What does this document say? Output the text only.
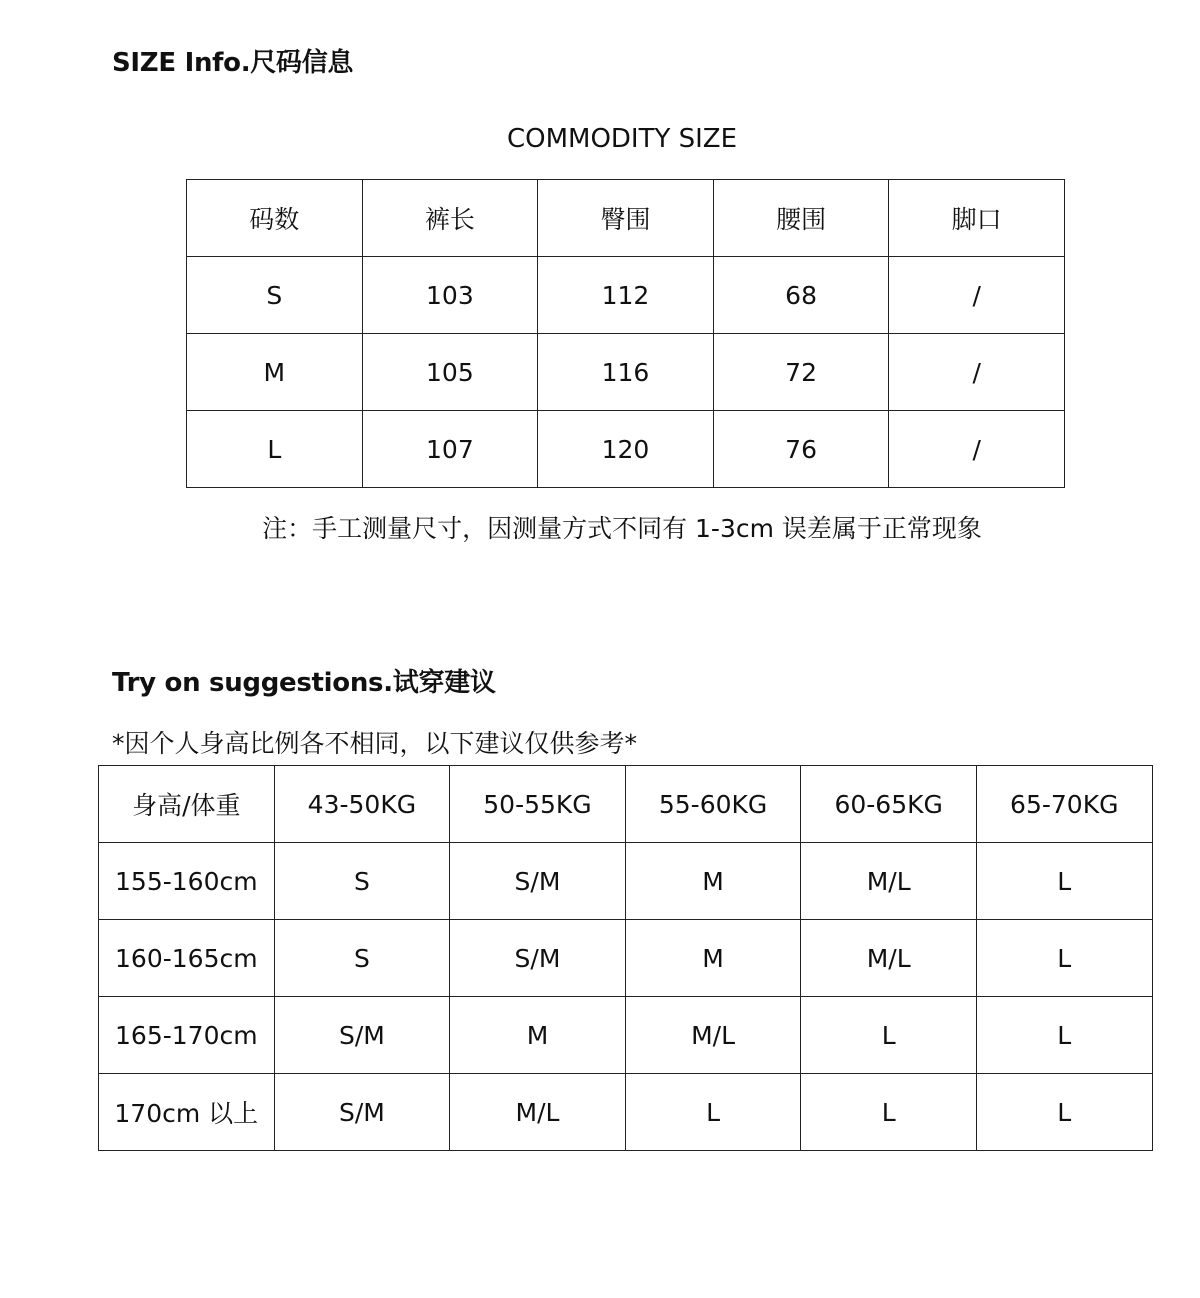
SIZE Info.尺码信息
COMMODITY SIZE
码数	裤长	臀围	腰围	脚口
S	103	112	68	/
M	105	116	72	/
L	107	120	76	/
注：手工测量尺寸，因测量方式不同有 1-3cm 误差属于正常现象
Try on suggestions.试穿建议
*因个人身高比例各不相同，以下建议仅供参考*
身高/体重	43-50KG	50-55KG	55-60KG	60-65KG	65-70KG
155-160cm	S	S/M	M	M/L	L
160-165cm	S	S/M	M	M/L	L
165-170cm	S/M	M	M/L	L	L
170cm 以上	S/M	M/L	L	L	L
